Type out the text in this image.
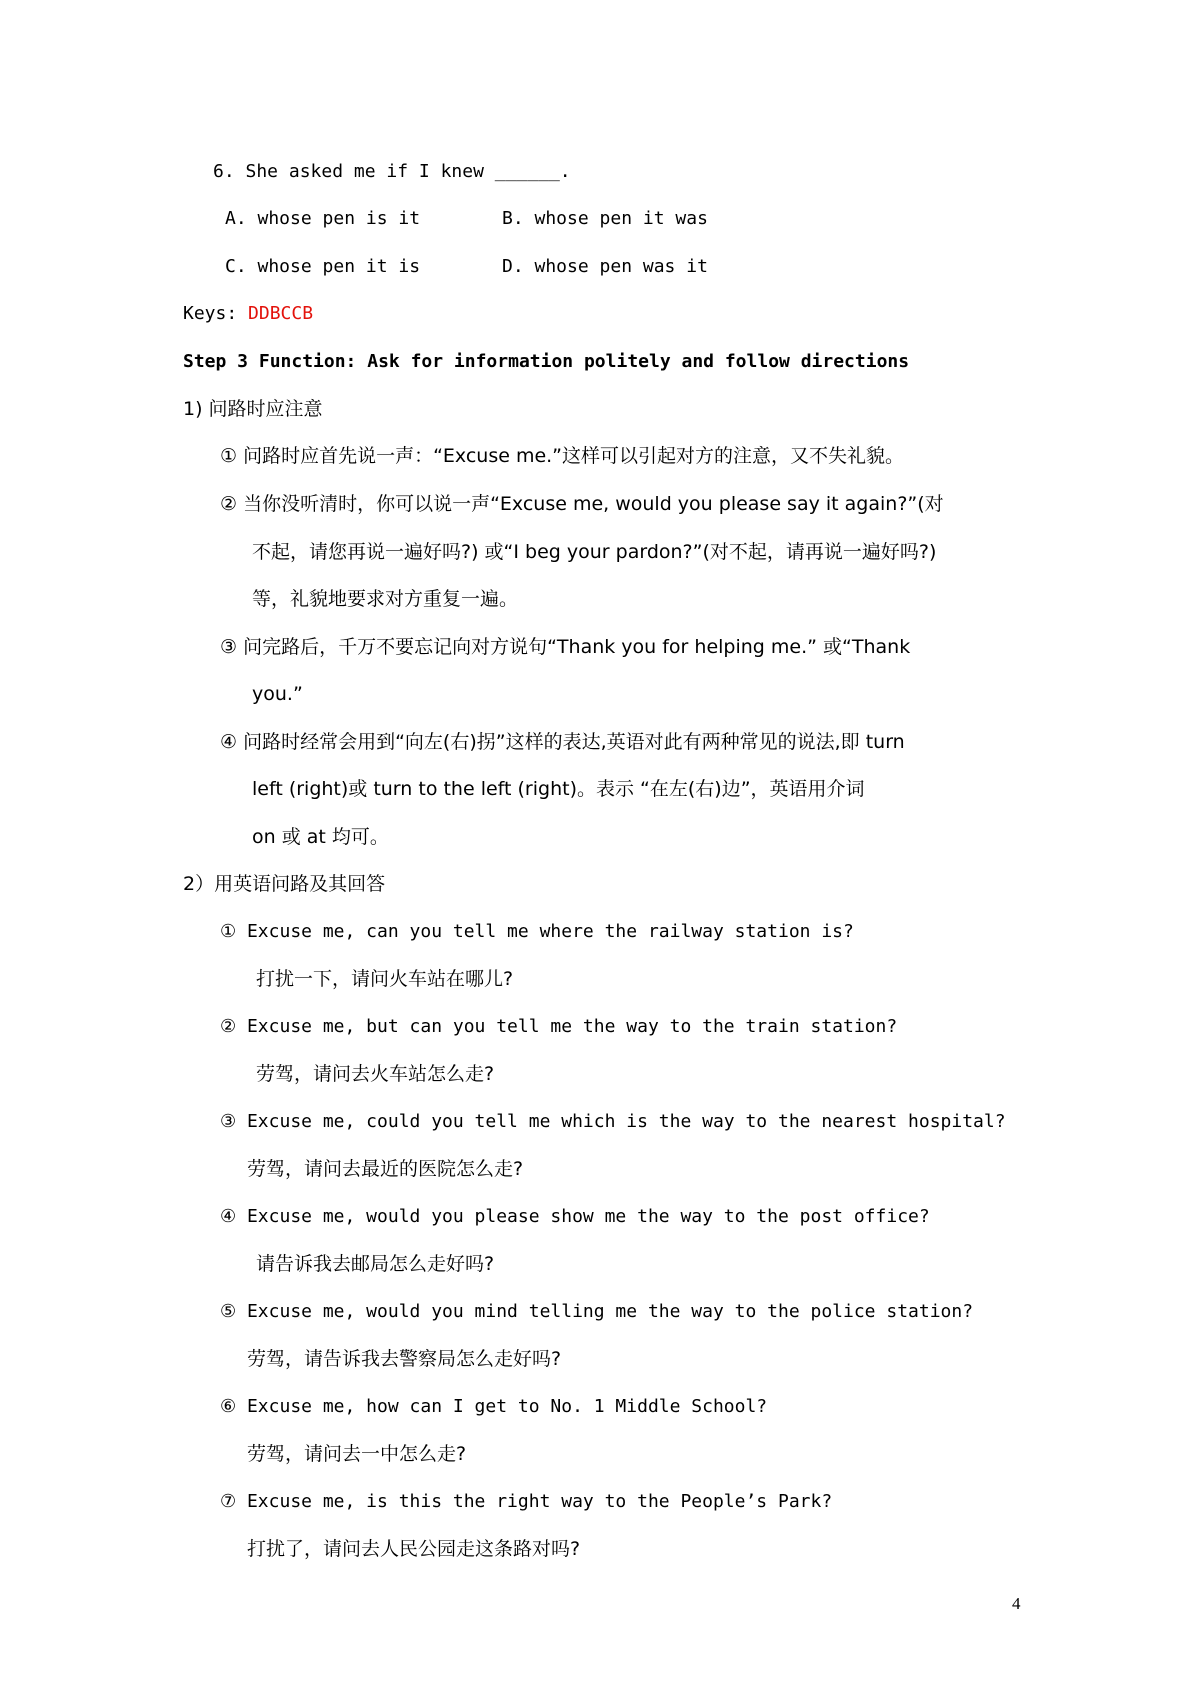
6. She asked me if I knew ______.
A. whose pen is it	B. whose pen it was
C. whose pen it is	D. whose pen was it
Keys: DDBCCB
Step 3 Function: Ask for information politely and follow directions
1) 问路时应注意
① 问路时应首先说一声：“Excuse me.”这样可以引起对方的注意，又不失礼貌。
② 当你没听清时，你可以说一声“Excuse me, would you please say it again?”(对
不起，请您再说一遍好吗?) 或“I beg your pardon?”(对不起，请再说一遍好吗?)
等，礼貌地要求对方重复一遍。
③ 问完路后，千万不要忘记向对方说句“Thank you for helping me.” 或“Thank
you.”
④ 问路时经常会用到“向左(右)拐”这样的表达,英语对此有两种常见的说法,即 turn
left (right)或 turn to the left (right)。表示 “在左(右)边”，英语用介词
on 或 at 均可。
2）用英语问路及其回答
① Excuse me, can you tell me where the railway station is?
打扰一下，请问火车站在哪儿?
② Excuse me, but can you tell me the way to the train station?
劳驾，请问去火车站怎么走?
③ Excuse me, could you tell me which is the way to the nearest hospital?
劳驾，请问去最近的医院怎么走?
④ Excuse me, would you please show me the way to the post office?
请告诉我去邮局怎么走好吗?
⑤ Excuse me, would you mind telling me the way to the police station?
劳驾，请告诉我去警察局怎么走好吗?
⑥ Excuse me, how can I get to No. 1 Middle School?
劳驾，请问去一中怎么走?
⑦ Excuse me, is this the right way to the People’s Park?
打扰了，请问去人民公园走这条路对吗?
4
